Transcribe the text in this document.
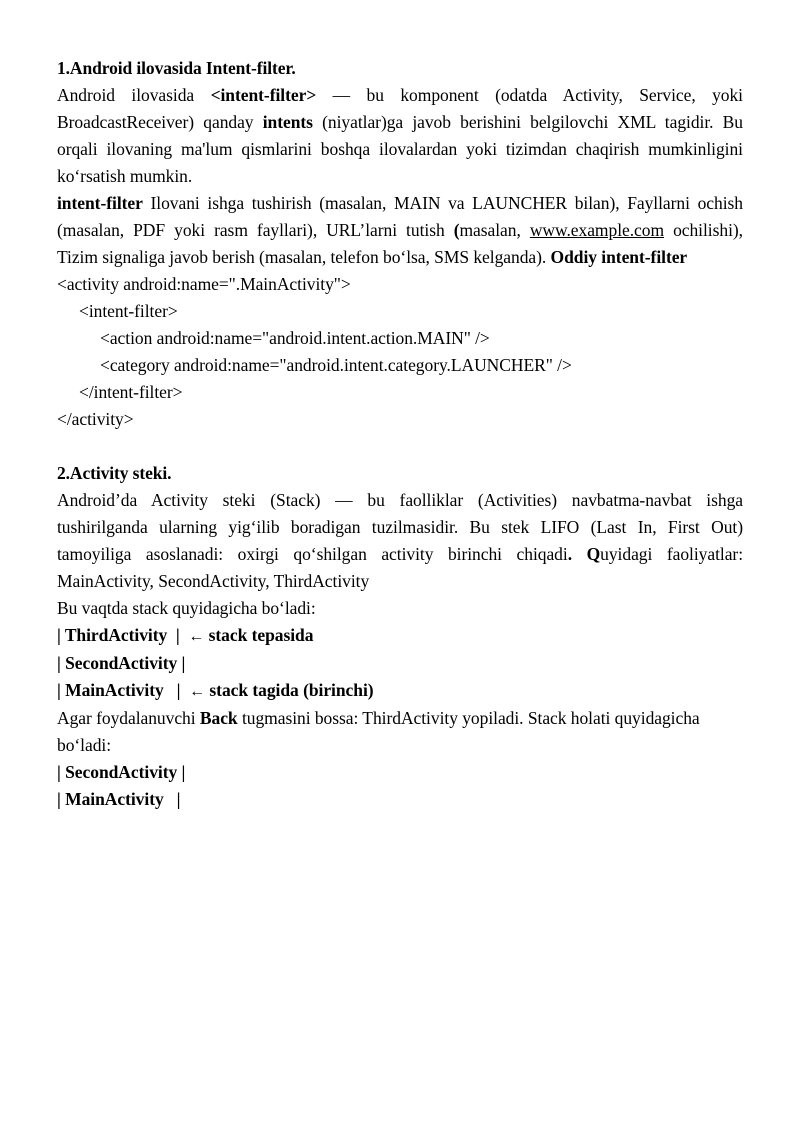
1.Android ilovasida Intent-filter.
Android ilovasida <intent-filter> — bu komponent (odatda Activity, Service, yoki BroadcastReceiver) qanday intents (niyatlar)ga javob berishini belgilovchi XML tagidir. Bu orqali ilovaning ma'lum qismlarini boshqa ilovalardan yoki tizimdan chaqirish mumkinligini ko‘rsatish mumkin.
intent-filter Ilovani ishga tushirish (masalan, MAIN va LAUNCHER bilan), Fayllarni ochish (masalan, PDF yoki rasm fayllari), URL’larni tutish (masalan, www.example.com ochilishi), Tizim signaliga javob berish (masalan, telefon bo‘lsa, SMS kelganda). Oddiy intent-filter
<activity android:name=".MainActivity">
<intent-filter>
<action android:name="android.intent.action.MAIN" />
<category android:name="android.intent.category.LAUNCHER" />
</intent-filter>
</activity>
2.Activity steki.
Android’da Activity steki (Stack) — bu faolliklar (Activities) navbatma-navbat ishga tushirilganda ularning yig‘ilib boradigan tuzilmasidir. Bu stek LIFO (Last In, First Out) tamoyiliga asoslanadi: oxirgi qo‘shilgan activity birinchi chiqadi. Quyidagi faoliyatlar: MainActivity, SecondActivity, ThirdActivity
Bu vaqtda stack quyidagicha bo‘ladi:
| ThirdActivity  | ← stack tepasida
| SecondActivity |
| MainActivity   | ← stack tagida (birinchi)
Agar foydalanuvchi Back tugmasini bossa: ThirdActivity yopiladi. Stack holati quyidagicha bo‘ladi:
| SecondActivity |
| MainActivity   |
